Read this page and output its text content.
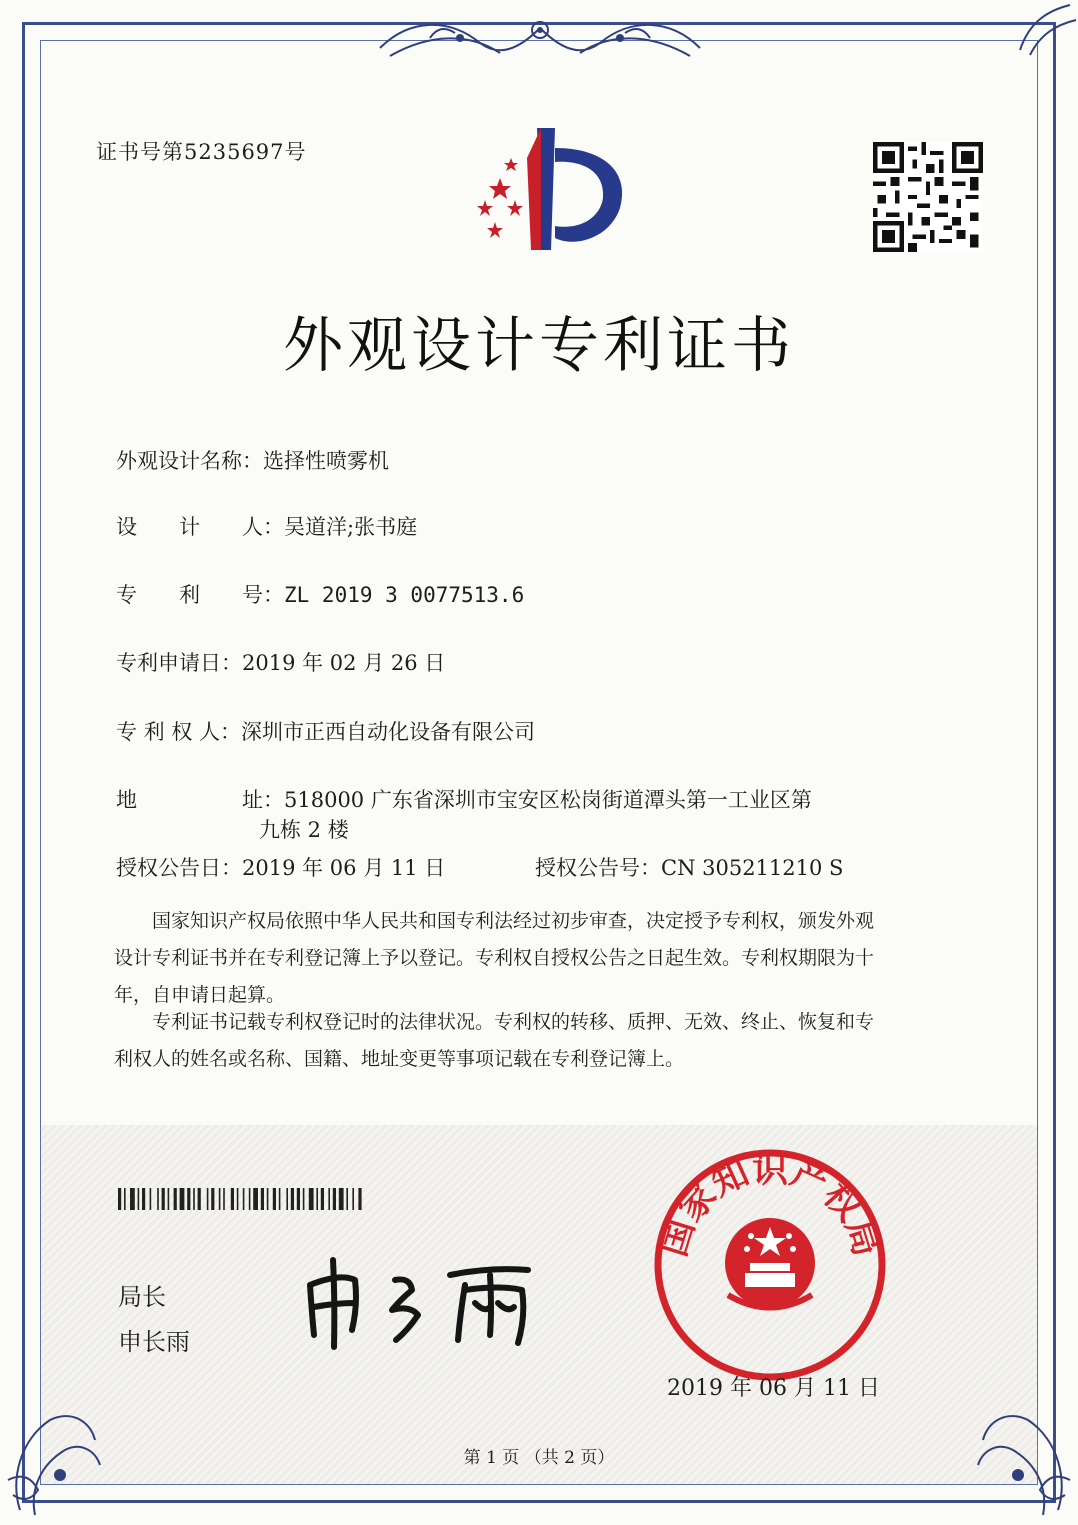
证书号第5235697号
外观设计专利证书
外观设计名称：选择性喷雾机
设　　计　　人：吴道洋;张书庭
专　　利　　号：ZL 2019 3 0077513.6
专利申请日：2019 年 02 月 26 日
专 利 权 人：深圳市正西自动化设备有限公司
地　　　　　址：518000 广东省深圳市宝安区松岗街道潭头第一工业区第
九栋 2 楼
授权公告日：2019 年 06 月 11 日	授权公告号：CN 305211210 S
　　国家知识产权局依照中华人民共和国专利法经过初步审查，决定授予专利权，颁发外观
设计专利证书并在专利登记簿上予以登记。专利权自授权公告之日起生效。专利权期限为十
年，自申请日起算。
　　专利证书记载专利权登记时的法律状况。专利权的转移、质押、无效、终止、恢复和专
利权人的姓名或名称、国籍、地址变更等事项记载在专利登记簿上。
局长
申长雨
国家知识产权局
2019 年 06 月 11 日
第 1 页 （共 2 页）
